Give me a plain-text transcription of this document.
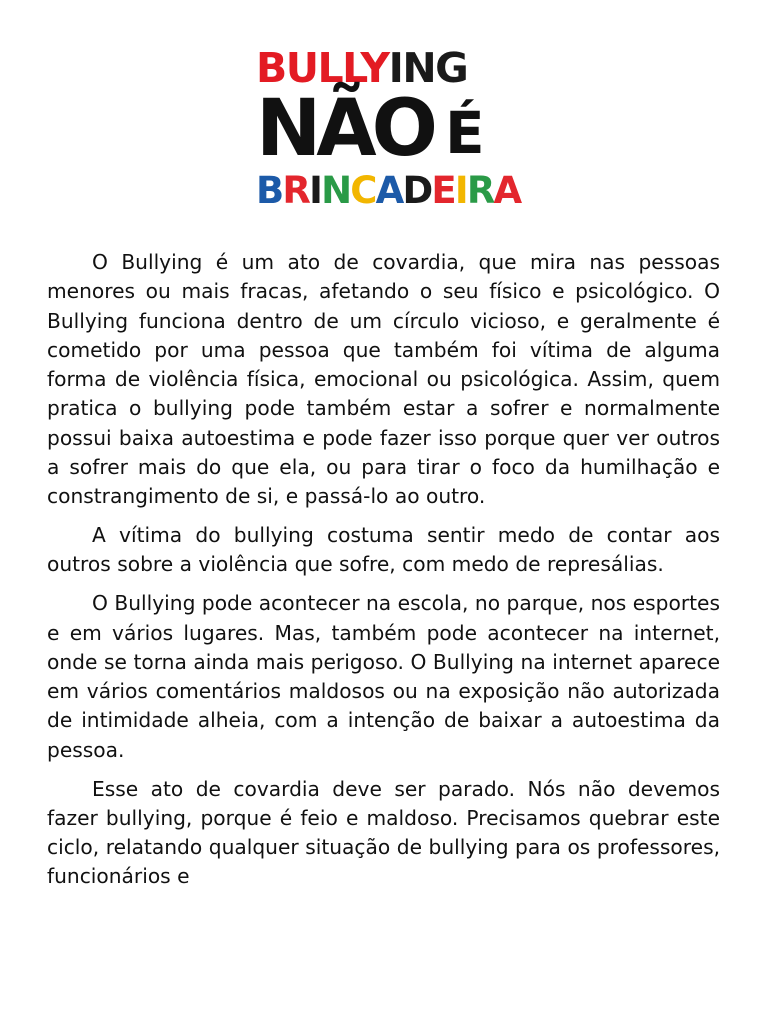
BULLYING
NÃO É
BRINCADEIRA

O Bullying é um ato de covardia, que mira nas pessoas menores ou mais fracas, afetando o seu físico e psicológico. O Bullying funciona dentro de um círculo vicioso, e geralmente é cometido por uma pessoa que também foi vítima de alguma forma de violência física, emocional ou psicológica. Assim, quem pratica o bullying pode também estar a sofrer e normalmente possui baixa autoestima e pode fazer isso porque quer ver outros a sofrer mais do que ela, ou para tirar o foco da humilhação e constrangimento de si, e passá-lo ao outro.

A vítima do bullying costuma sentir medo de contar aos outros sobre a violência que sofre, com medo de represálias.

O Bullying pode acontecer na escola, no parque, nos esportes e em vários lugares. Mas, também pode acontecer na internet, onde se torna ainda mais perigoso. O Bullying na internet aparece em vários comentários maldosos ou na exposição não autorizada de intimidade alheia, com a intenção de baixar a autoestima da pessoa.

Esse ato de covardia deve ser parado. Nós não devemos fazer bullying, porque é feio e maldoso. Precisamos quebrar este ciclo, relatando qualquer situação de bullying para os professores, funcionários e
